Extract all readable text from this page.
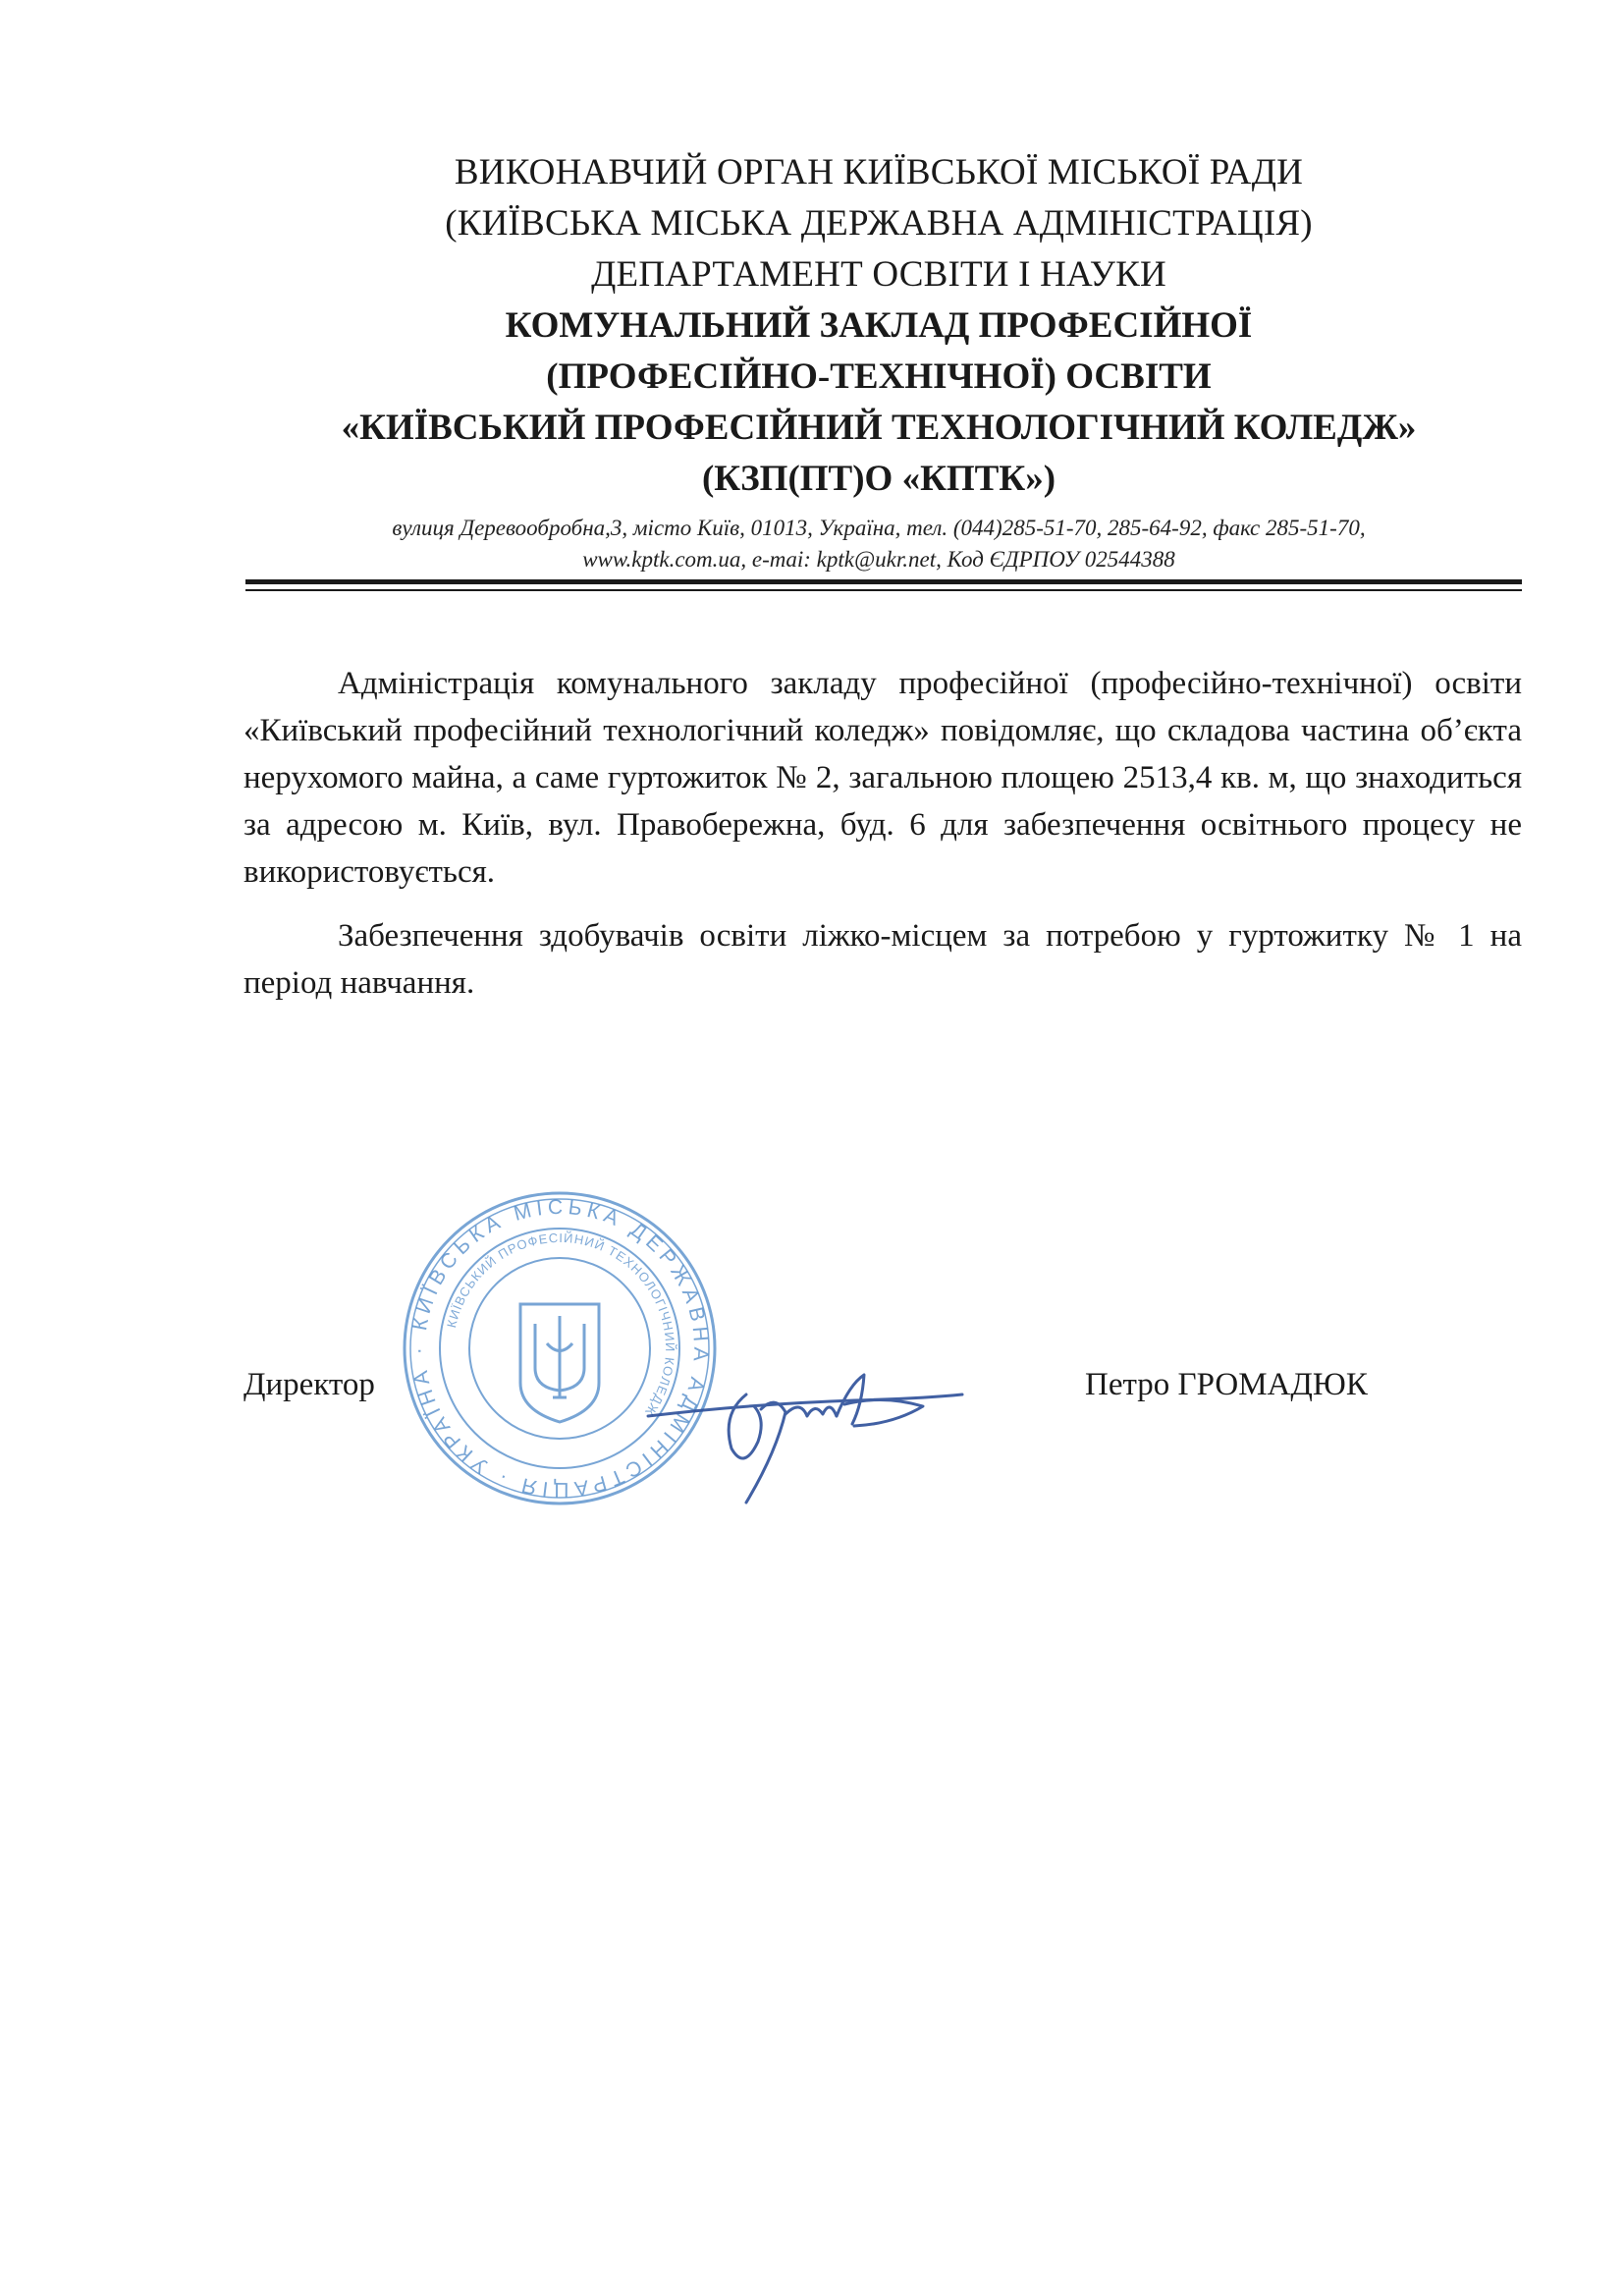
ВИКОНАВЧИЙ ОРГАН КИЇВСЬКОЇ МІСЬКОЇ РАДИ
(КИЇВСЬКА МІСЬКА ДЕРЖАВНА АДМІНІСТРАЦІЯ)
ДЕПАРТАМЕНТ ОСВІТИ І НАУКИ
КОМУНАЛЬНИЙ ЗАКЛАД ПРОФЕСІЙНОЇ
(ПРОФЕСІЙНО-ТЕХНІЧНОЇ) ОСВІТИ
«КИЇВСЬКИЙ ПРОФЕСІЙНИЙ ТЕХНОЛОГІЧНИЙ КОЛЕДЖ»
(КЗП(ПТ)О «КПТК»)
вулиця Деревообробна,3, місто Київ, 01013, Україна, тел. (044)285-51-70, 285-64-92, факс 285-51-70,
www.kptk.com.ua, e-mai: kptk@ukr.net, Код ЄДРПОУ 02544388

Адміністрація комунального закладу професійної (професійно-технічної) освіти «Київський професійний технологічний коледж» повідомляє, що складова частина об’єкта нерухомого майна, а саме гуртожиток № 2, загальною площею 2513,4 кв. м, що знаходиться за адресою м. Київ, вул. Правобережна, буд. 6 для забезпечення освітнього процесу не використовується.

Забезпечення здобувачів освіти ліжко-місцем за потребою у гуртожитку № 1 на період навчання.

КИЇВСЬКА МІСЬКА ДЕРЖАВНА АДМІНІСТРАЦІЯ · УКРАЇНА ·
КИЇВСЬКИЙ ПРОФЕСІЙНИЙ ТЕХНОЛОГІЧНИЙ КОЛЕДЖ
Директор	Петро ГРОМАДЮК
